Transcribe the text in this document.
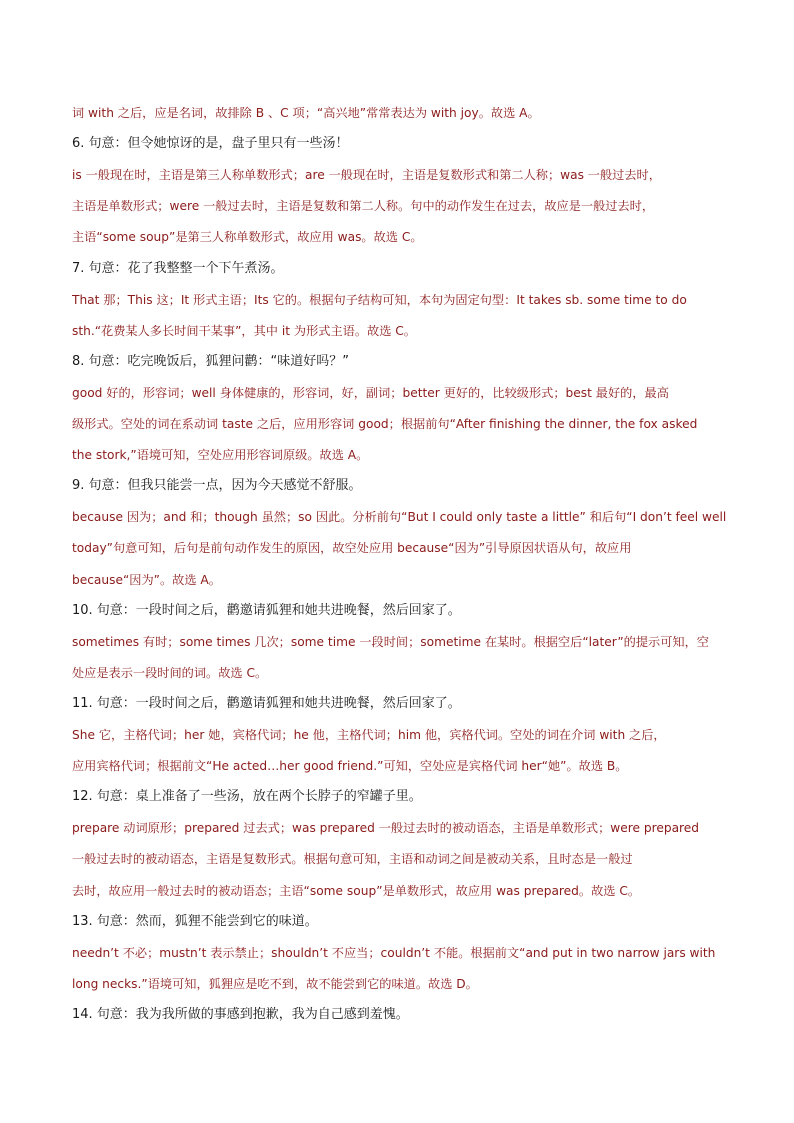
词 with 之后，应是名词，故排除 B 、C 项；“高兴地”常常表达为 with joy。故选 A。
6. 句意：但令她惊讶的是，盘子里只有一些汤！
is 一般现在时，主语是第三人称单数形式；are 一般现在时，主语是复数形式和第二人称；was 一般过去时，
主语是单数形式；were 一般过去时，主语是复数和第二人称。句中的动作发生在过去，故应是一般过去时，
主语“some soup”是第三人称单数形式，故应用 was。故选 C。
7. 句意：花了我整整一个下午煮汤。
That 那；This 这；It 形式主语；Its 它的。根据句子结构可知，本句为固定句型：It takes sb. some time to do
sth.“花费某人多长时间干某事”，其中 it 为形式主语。故选 C。
8. 句意：吃完晚饭后，狐狸问鹳：“味道好吗？”
good 好的，形容词；well 身体健康的，形容词，好，副词；better 更好的，比较级形式；best 最好的，最高
级形式。空处的词在系动词 taste 之后，应用形容词 good；根据前句“After finishing the dinner, the fox asked
the stork,”语境可知，空处应用形容词原级。故选 A。
9. 句意：但我只能尝一点，因为今天感觉不舒服。
because 因为；and 和；though 虽然；so 因此。分析前句“But I could only taste a little” 和后句“I don’t feel well
today”句意可知，后句是前句动作发生的原因，故空处应用 because“因为”引导原因状语从句，故应用
because“因为”。故选 A。
10. 句意：一段时间之后，鹳邀请狐狸和她共进晚餐，然后回家了。
sometimes 有时；some times 几次；some time 一段时间；sometime 在某时。根据空后“later”的提示可知，空
处应是表示一段时间的词。故选 C。
11. 句意：一段时间之后，鹳邀请狐狸和她共进晚餐，然后回家了。
She 它，主格代词；her 她，宾格代词；he 他，主格代词；him 他，宾格代词。空处的词在介词 with 之后，
应用宾格代词；根据前文“He acted…her good friend.”可知，空处应是宾格代词 her“她”。故选 B。
12. 句意：桌上准备了一些汤，放在两个长脖子的窄罐子里。
prepare 动词原形；prepared 过去式；was prepared 一般过去时的被动语态，主语是单数形式；were prepared
一般过去时的被动语态，主语是复数形式。根据句意可知，主语和动词之间是被动关系，且时态是一般过
去时，故应用一般过去时的被动语态；主语“some soup”是单数形式，故应用 was prepared。故选 C。
13. 句意：然而，狐狸不能尝到它的味道。
needn’t 不必；mustn’t 表示禁止；shouldn’t 不应当；couldn’t 不能。根据前文“and put in two narrow jars with
long necks.”语境可知，狐狸应是吃不到，故不能尝到它的味道。故选 D。
14. 句意：我为我所做的事感到抱歉，我为自己感到羞愧。
